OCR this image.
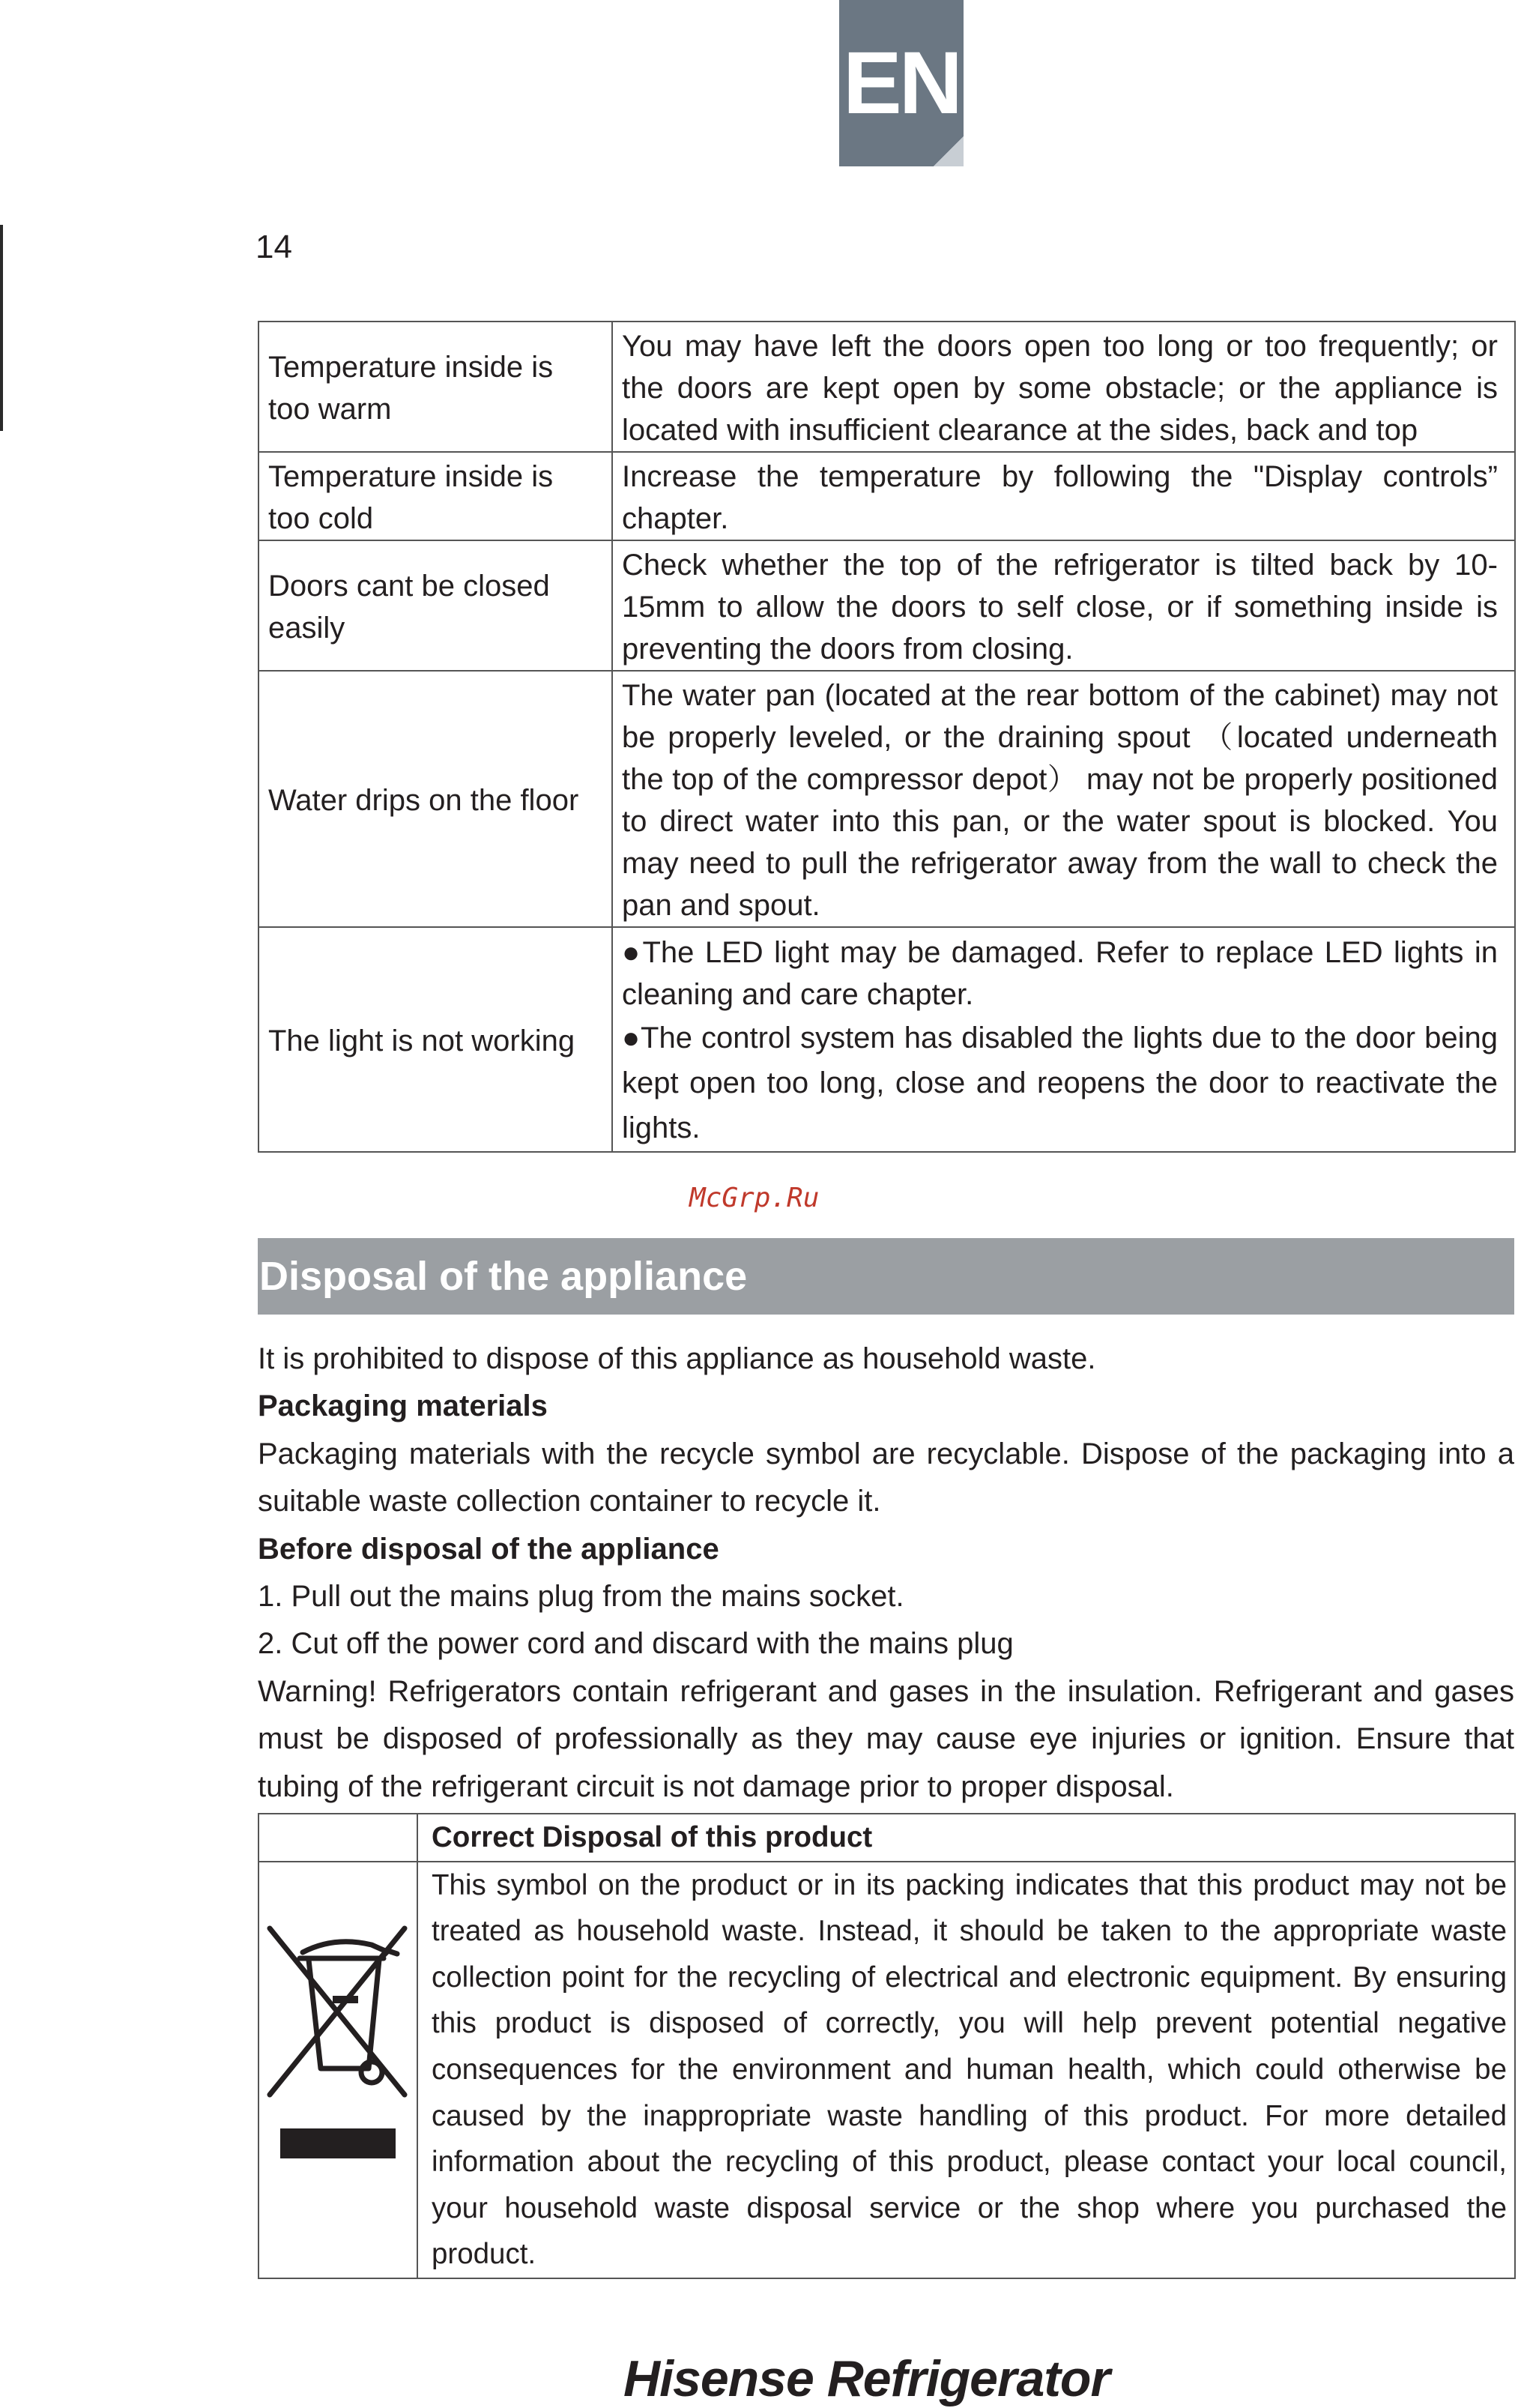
EN
14
Temperature inside is too warm	You may have left the doors open too long or too frequently; or the doors are kept open by some obstacle; or the appliance is located with insufficient clearance at the sides, back and top
Temperature inside is too cold	Increase the temperature by following the "Display controls” chapter.
Doors cant be closed easily	Check whether the top of the refrigerator is tilted back by 10-15mm to allow the doors to self close, or if something inside is preventing the doors from closing.
Water drips on the floor	The water pan (located at the rear bottom of the cabinet) may not be properly leveled, or the draining spout （located underneath the top of the compressor depot） may not be properly positioned to direct water into this pan, or the water spout is blocked. You may need to pull the refrigerator away from the wall to check the pan and spout.
The light is not working	●The LED light may be damaged. Refer to replace LED lights in cleaning and care chapter.
●The control system has disabled the lights due to the door being kept open too long, close and reopens the door to reactivate the lights.
McGrp.Ru
Disposal of the appliance

It is prohibited to dispose of this appliance as household waste.

Packaging materials

Packaging materials with the recycle symbol are recyclable. Dispose of the packaging into a suitable waste collection container to recycle it.

Before disposal of the appliance

1. Pull out the mains plug from the mains socket.

2. Cut off the power cord and discard with the mains plug

Warning! Refrigerators contain refrigerant and gases in the insulation. Refrigerant and gases must be disposed of professionally as they may cause eye injuries or ignition. Ensure that tubing of the refrigerant circuit is not damage prior to proper disposal.

	Correct Disposal of this product
	This symbol on the product or in its packing indicates that this product may not be treated as household waste. Instead, it should be taken to the appropriate waste collection point for the recycling of electrical and electronic equipment. By ensuring this product is disposed of correctly, you will help prevent potential negative consequences for the environment and human health, which could otherwise be caused by the inappropriate waste handling of this product. For more detailed information about the recycling of this product, please contact your local council, your household waste disposal service or the shop where you purchased the product.
Hisense Refrigerator
